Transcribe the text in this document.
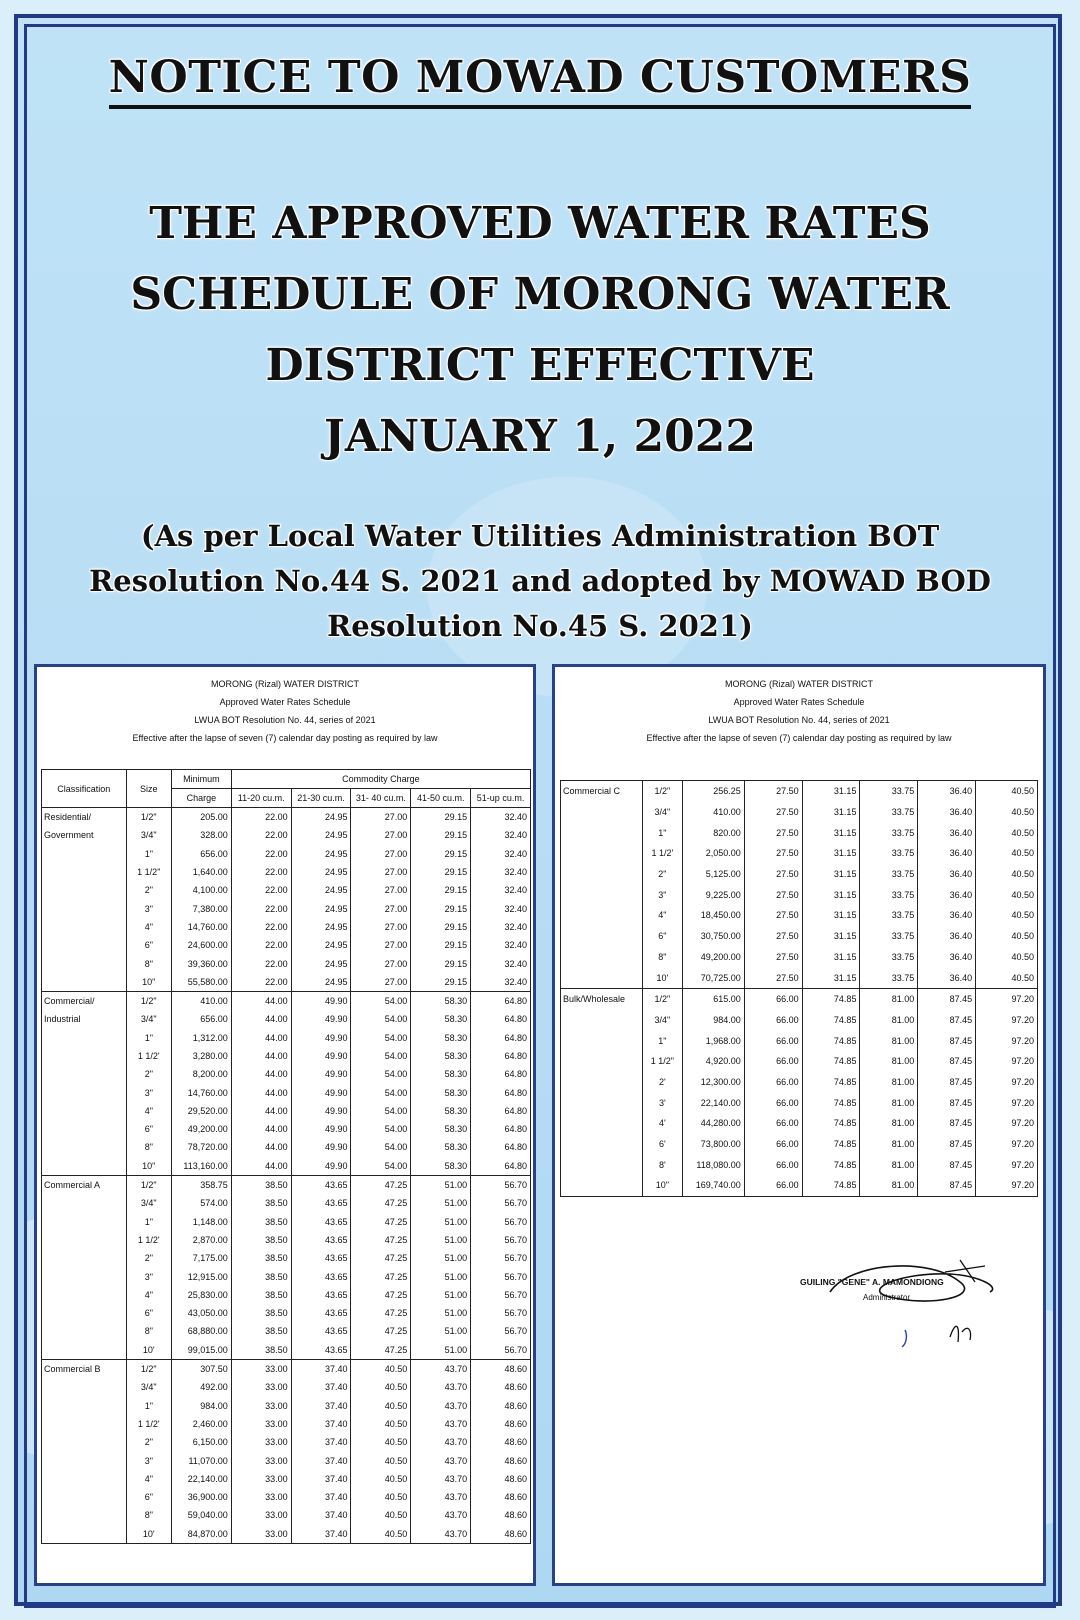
NOTICE TO MOWAD CUSTOMERS
THE APPROVED WATER RATES
SCHEDULE OF MORONG WATER
DISTRICT EFFECTIVE
JANUARY 1, 2022
(As per Local Water Utilities Administration BOT
Resolution No.44 S. 2021 and adopted by MOWAD BOD
Resolution No.45 S. 2021)
MORONG (Rizal) WATER DISTRICT
Approved Water Rates Schedule
LWUA BOT Resolution No. 44, series of 2021
Effective after the lapse of seven (7) calendar day posting as required by law
Classification	Size	Minimum	Commodity Charge				
		Charge	11-20 cu.m.	21-30 cu.m.	31- 40 cu.m.	41-50 cu.m.	51-up cu.m.
Residential/	1/2"	205.00	22.00	24.95	27.00	29.15	32.40
Government	3/4"	328.00	22.00	24.95	27.00	29.15	32.40
	1"	656.00	22.00	24.95	27.00	29.15	32.40
	1 1/2"	1,640.00	22.00	24.95	27.00	29.15	32.40
	2"	4,100.00	22.00	24.95	27.00	29.15	32.40
	3"	7,380.00	22.00	24.95	27.00	29.15	32.40
	4"	14,760.00	22.00	24.95	27.00	29.15	32.40
	6"	24,600.00	22.00	24.95	27.00	29.15	32.40
	8"	39,360.00	22.00	24.95	27.00	29.15	32.40
	10"	55,580.00	22.00	24.95	27.00	29.15	32.40
Commercial/	1/2"	410.00	44.00	49.90	54.00	58.30	64.80
Industrial	3/4"	656.00	44.00	49.90	54.00	58.30	64.80
	1"	1,312.00	44.00	49.90	54.00	58.30	64.80
	1 1/2'	3,280.00	44.00	49.90	54.00	58.30	64.80
	2"	8,200.00	44.00	49.90	54.00	58.30	64.80
	3"	14,760.00	44.00	49.90	54.00	58.30	64.80
	4"	29,520.00	44.00	49.90	54.00	58.30	64.80
	6"	49,200.00	44.00	49.90	54.00	58.30	64.80
	8"	78,720.00	44.00	49.90	54.00	58.30	64.80
	10"	113,160.00	44.00	49.90	54.00	58.30	64.80
Commercial A	1/2"	358.75	38.50	43.65	47.25	51.00	56.70
	3/4"	574.00	38.50	43.65	47.25	51.00	56.70
	1"	1,148.00	38.50	43.65	47.25	51.00	56.70
	1 1/2'	2,870.00	38.50	43.65	47.25	51.00	56.70
	2"	7,175.00	38.50	43.65	47.25	51.00	56.70
	3"	12,915.00	38.50	43.65	47.25	51.00	56.70
	4"	25,830.00	38.50	43.65	47.25	51.00	56.70
	6"	43,050.00	38.50	43.65	47.25	51.00	56.70
	8"	68,880.00	38.50	43.65	47.25	51.00	56.70
	10'	99,015.00	38.50	43.65	47.25	51.00	56.70
Commercial B	1/2"	307.50	33.00	37.40	40.50	43.70	48.60
	3/4"	492.00	33.00	37.40	40.50	43.70	48.60
	1"	984.00	33.00	37.40	40.50	43.70	48.60
	1 1/2'	2,460.00	33.00	37.40	40.50	43.70	48.60
	2"	6,150.00	33.00	37.40	40.50	43.70	48.60
	3"	11,070.00	33.00	37.40	40.50	43.70	48.60
	4"	22,140.00	33.00	37.40	40.50	43.70	48.60
	6"	36,900.00	33.00	37.40	40.50	43.70	48.60
	8"	59,040.00	33.00	37.40	40.50	43.70	48.60
	10'	84,870.00	33.00	37.40	40.50	43.70	48.60
MORONG (Rizal) WATER DISTRICT
Approved Water Rates Schedule
LWUA BOT Resolution No. 44, series of 2021
Effective after the lapse of seven (7) calendar day posting as required by law
Commercial C	1/2"	256.25	27.50	31.15	33.75	36.40	40.50
	3/4"	410.00	27.50	31.15	33.75	36.40	40.50
	1"	820.00	27.50	31.15	33.75	36.40	40.50
	1 1/2'	2,050.00	27.50	31.15	33.75	36.40	40.50
	2"	5,125.00	27.50	31.15	33.75	36.40	40.50
	3"	9,225.00	27.50	31.15	33.75	36.40	40.50
	4"	18,450.00	27.50	31.15	33.75	36.40	40.50
	6"	30,750.00	27.50	31.15	33.75	36.40	40.50
	8"	49,200.00	27.50	31.15	33.75	36.40	40.50
	10'	70,725.00	27.50	31.15	33.75	36.40	40.50
Bulk/Wholesale	1/2"	615.00	66.00	74.85	81.00	87.45	97.20
	3/4"	984.00	66.00	74.85	81.00	87.45	97.20
	1"	1,968.00	66.00	74.85	81.00	87.45	97.20
	1 1/2"	4,920.00	66.00	74.85	81.00	87.45	97.20
	2'	12,300.00	66.00	74.85	81.00	87.45	97.20
	3'	22,140.00	66.00	74.85	81.00	87.45	97.20
	4'	44,280.00	66.00	74.85	81.00	87.45	97.20
	6'	73,800.00	66.00	74.85	81.00	87.45	97.20
	8'	118,080.00	66.00	74.85	81.00	87.45	97.20
	10"	169,740.00	66.00	74.85	81.00	87.45	97.20
GUILING "GENE" A. MAMONDIONG
Administrator
